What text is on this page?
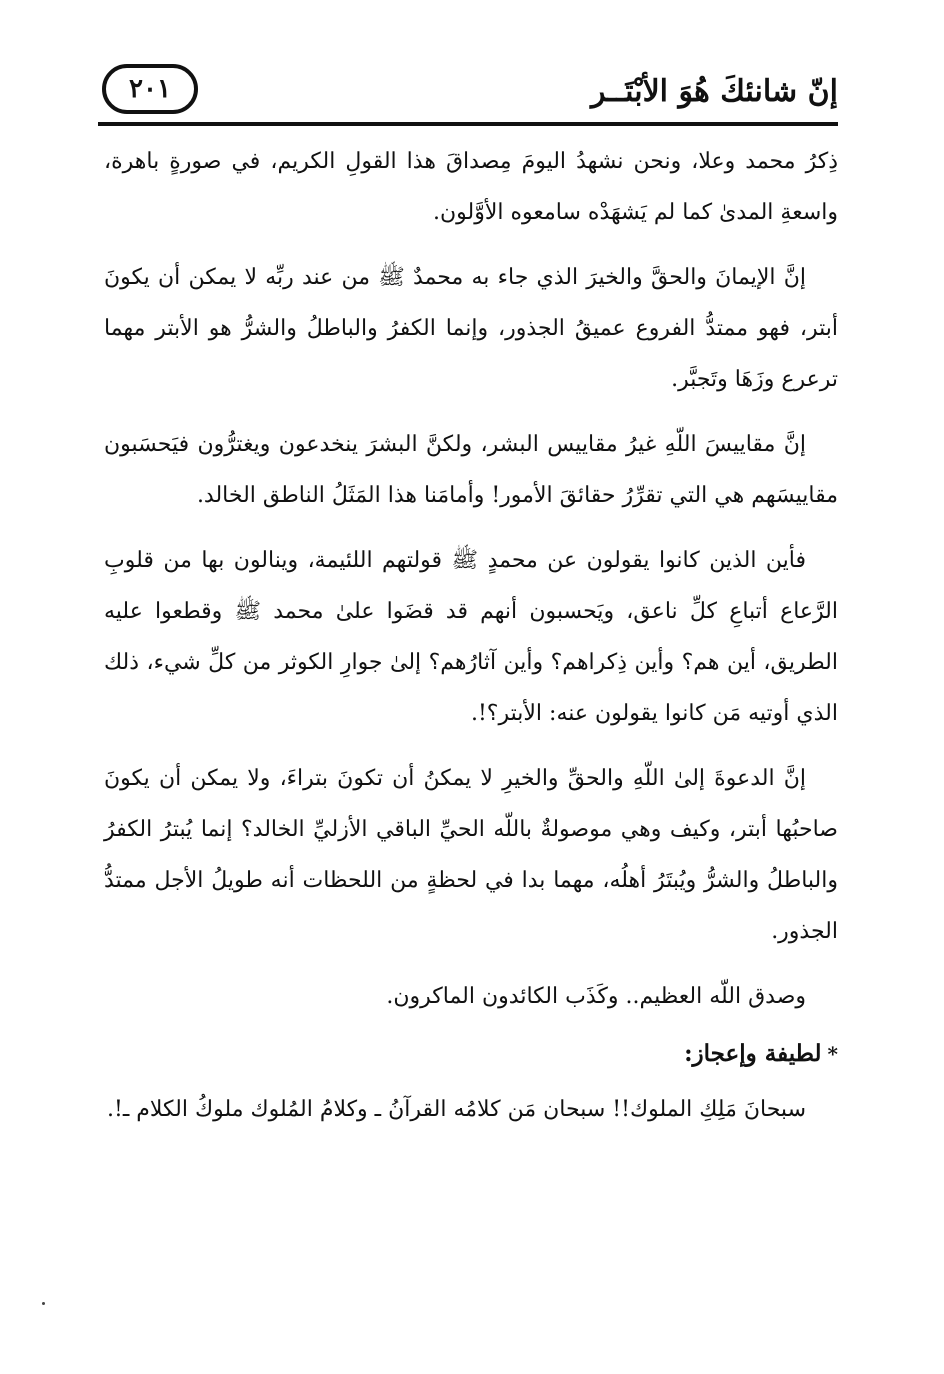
إنّ شانئكَ هُوَ الأبْتَــر
٢٠١

ذِكرُ محمد وعلا، ونحن نشهدُ اليومَ مِصداقَ هذا القولِ الكريم، في صورةٍ باهرة، واسعةِ المدىٰ كما لم يَشهَدْه سامعوه الأوَّلون.

إنَّ الإيمانَ والحقَّ والخيرَ الذي جاء به محمدٌ ﷺ من عند ربِّه لا يمكن أن يكونَ أبتر، فهو ممتدُّ الفروع عميقُ الجذور، وإنما الكفرُ والباطلُ والشرُّ هو الأبتر مهما ترعرع وزَهَا وتَجبَّر.

إنَّ مقاييسَ اللّهِ غيرُ مقاييس البشر، ولكنَّ البشرَ ينخدعون ويغترُّون فيَحسَبون مقاييسَهم هي التي تقرِّرُ حقائقَ الأمور! وأمامَنا هذا المَثَلُ الناطق الخالد.

فأين الذين كانوا يقولون عن محمدٍ ﷺ قولتهم اللئيمة، وينالون بها من قلوبِ الرَّعاع أتباعِ كلِّ ناعق، ويَحسبون أنهم قد قضَوا علىٰ محمد ﷺ وقطعوا عليه الطريق، أين هم؟ وأين ذِكراهم؟ وأين آثارُهم؟ إلىٰ جوارِ الكوثر من كلِّ شيء، ذلك الذي أوتيه مَن كانوا يقولون عنه: الأبتر؟!.

إنَّ الدعوةَ إلىٰ اللّهِ والحقِّ والخيرِ لا يمكنُ أن تكونَ بتراءَ، ولا يمكن أن يكونَ صاحبُها أبتر، وكيف وهي موصولةٌ باللّه الحيِّ الباقي الأزليِّ الخالد؟ إنما يُبترُ الكفرُ والباطلُ والشرُّ ويُبتَرُ أهلُه، مهما بدا في لحظةٍ من اللحظات أنه طويلُ الأجل ممتدُّ الجذور.

وصدق اللّه العظيم.. وكَذَب الكائدون الماكرون.

*لطيفة وإعجاز:

سبحانَ مَلِكِ الملوك!! سبحان مَن كلامُه القرآنُ ـ وكلامُ المُلوك ملوكُ الكلام ـ!.
